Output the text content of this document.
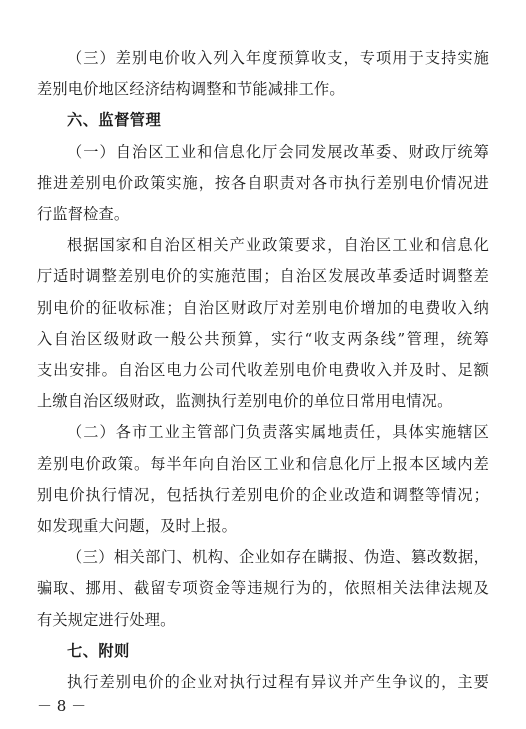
（三）差别电价收入列入年度预算收支，专项用于支持实施
差别电价地区经济结构调整和节能减排工作。
六、监督管理
（一）自治区工业和信息化厅会同发展改革委、财政厅统筹
推进差别电价政策实施，按各自职责对各市执行差别电价情况进
行监督检查。
根据国家和自治区相关产业政策要求，自治区工业和信息化
厅适时调整差别电价的实施范围；自治区发展改革委适时调整差
别电价的征收标准；自治区财政厅对差别电价增加的电费收入纳
入自治区级财政一般公共预算，实行“收支两条线”管理，统筹
支出安排。自治区电力公司代收差别电价电费收入并及时、足额
上缴自治区级财政，监测执行差别电价的单位日常用电情况。
（二）各市工业主管部门负责落实属地责任，具体实施辖区
差别电价政策。每半年向自治区工业和信息化厅上报本区域内差
别电价执行情况，包括执行差别电价的企业改造和调整等情况；
如发现重大问题，及时上报。
（三）相关部门、机构、企业如存在瞒报、伪造、篡改数据，
骗取、挪用、截留专项资金等违规行为的，依照相关法律法规及
有关规定进行处理。
七、附则
执行差别电价的企业对执行过程有异议并产生争议的，主要
－ 8 －
